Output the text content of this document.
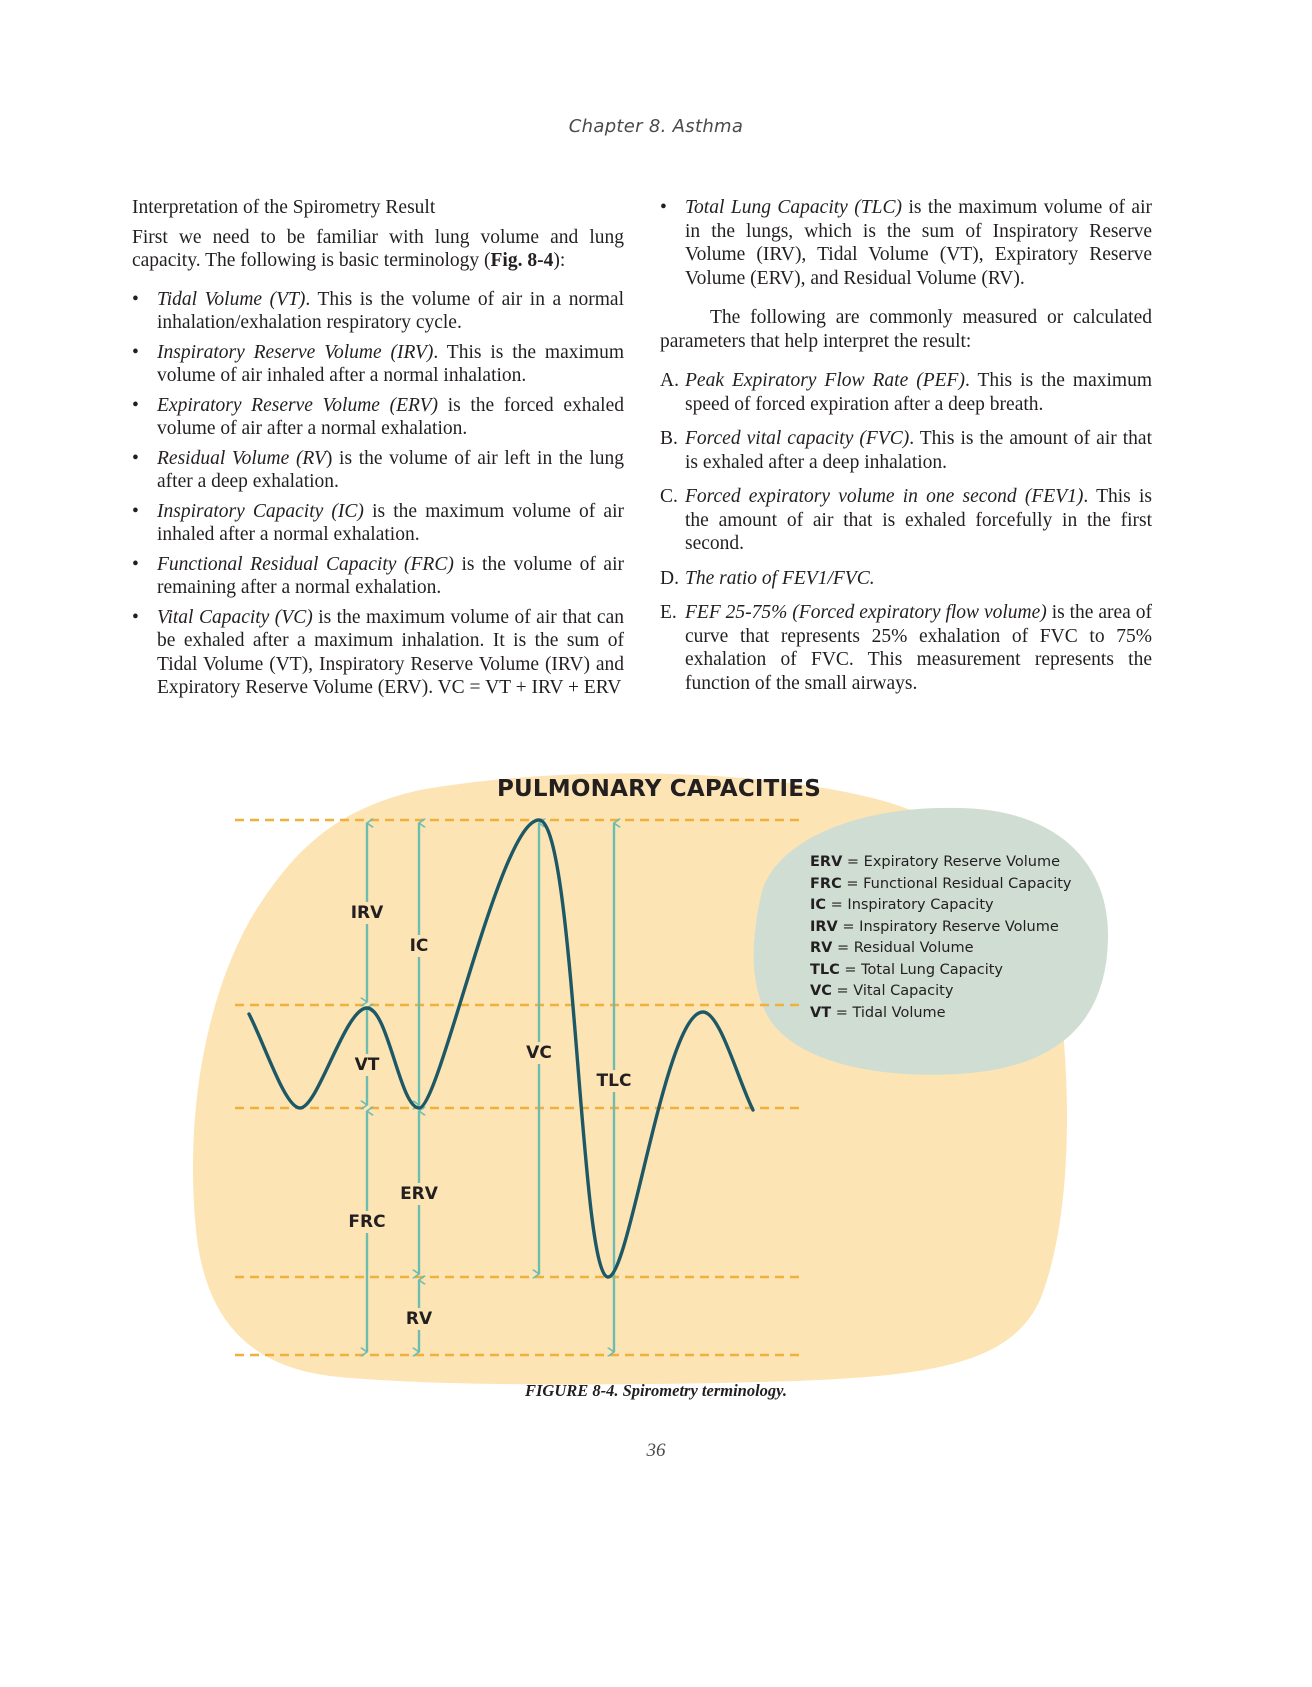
Chapter 8. Asthma

Interpretation of the Spirometry Result

First we need to be familiar with lung volume and lung capacity. The following is basic terminology (Fig. 8-4):

• Tidal Volume (VT). This is the volume of air in a normal inhalation/exhalation respiratory cycle.
• Inspiratory Reserve Volume (IRV). This is the maximum volume of air inhaled after a normal inhalation.
• Expiratory Reserve Volume (ERV) is the forced exhaled volume of air after a normal exhalation.
• Residual Volume (RV) is the volume of air left in the lung after a deep exhalation.
• Inspiratory Capacity (IC) is the maximum volume of air inhaled after a normal exhalation.
• Functional Residual Capacity (FRC) is the volume of air remaining after a normal exhalation.
• Vital Capacity (VC) is the maximum volume of air that can be exhaled after a maximum inhalation. It is the sum of Tidal Volume (VT), Inspiratory Reserve Volume (IRV) and Expiratory Reserve Volume (ERV). VC = VT + IRV + ERV
• Total Lung Capacity (TLC) is the maximum volume of air in the lungs, which is the sum of Inspiratory Reserve Volume (IRV), Tidal Volume (VT), Expiratory Reserve Volume (ERV), and Residual Volume (RV).

The following are commonly measured or calculated parameters that help interpret the result:

A. Peak Expiratory Flow Rate (PEF). This is the maximum speed of forced expiration after a deep breath.
B. Forced vital capacity (FVC). This is the amount of air that is exhaled after a deep inhalation.
C. Forced expiratory volume in one second (FEV1). This is the amount of air that is exhaled forcefully in the first second.
D. The ratio of FEV1/FVC.
E. FEF 25-75% (Forced expiratory flow volume) is the area of curve that represents 25% exhalation of FVC to 75% exhalation of FVC. This measurement represents the function of the small airways.
PULMONARY CAPACITIES
IRV
IC
VT
VC
TLC
ERV
FRC
RV
ERV = Expiratory Reserve Volume
FRC = Functional Residual Capacity
IC = Inspiratory Capacity
IRV = Inspiratory Reserve Volume
RV = Residual Volume
TLC = Total Lung Capacity
VC = Vital Capacity
VT = Tidal Volume
FIGURE 8-4. Spirometry terminology.
36
